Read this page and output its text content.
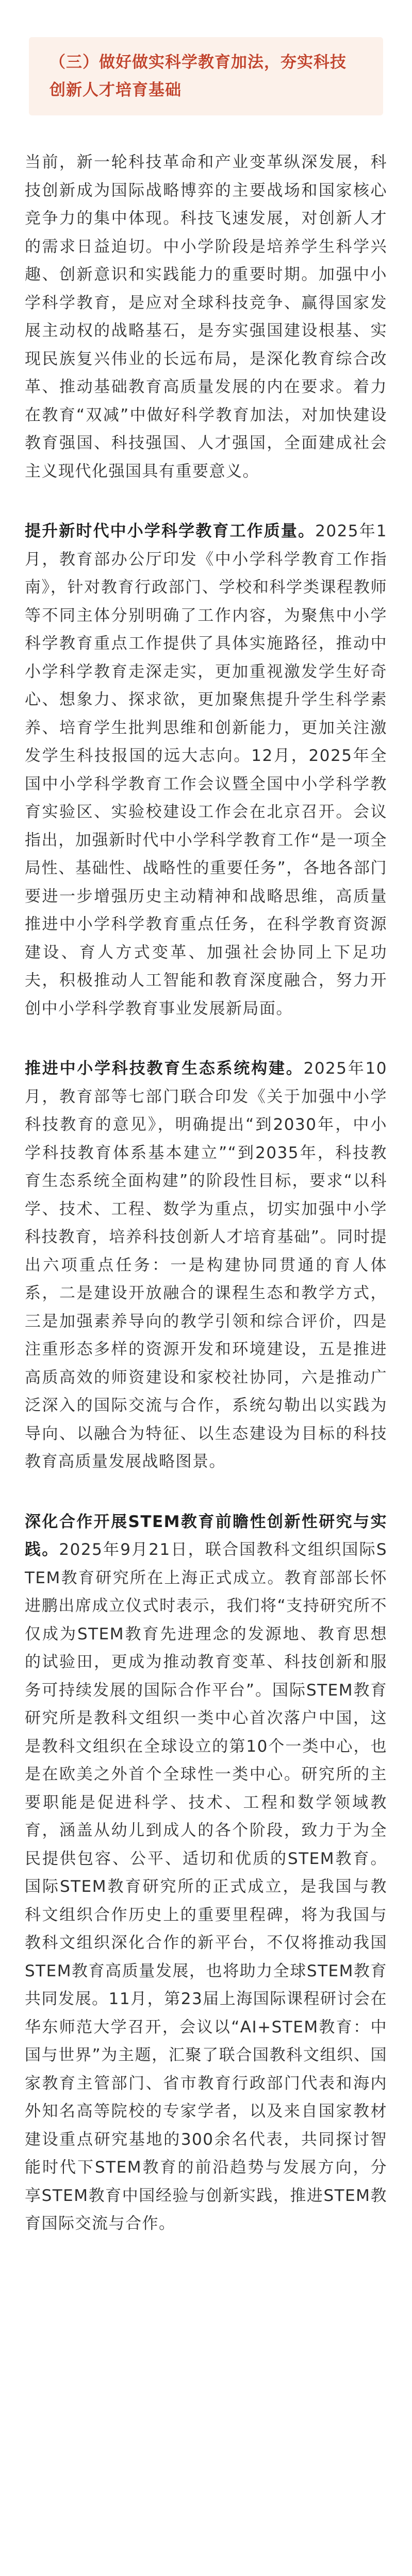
（三）做好做实科学教育加法，夯实科技创新人才培育基础

当前，新一轮科技革命和产业变革纵深发展，科技创新成为国际战略博弈的主要战场和国家核心竞争力的集中体现。科技飞速发展，对创新人才的需求日益迫切。中小学阶段是培养学生科学兴趣、创新意识和实践能力的重要时期。加强中小学科学教育，是应对全球科技竞争、赢得国家发展主动权的战略基石，是夯实强国建设根基、实现民族复兴伟业的长远布局，是深化教育综合改革、推动基础教育高质量发展的内在要求。着力在教育“双减”中做好科学教育加法，对加快建设教育强国、科技强国、人才强国，全面建成社会主义现代化强国具有重要意义。

提升新时代中小学科学教育工作质量。2025年1月，教育部办公厅印发《中小学科学教育工作指南》，针对教育行政部门、学校和科学类课程教师等不同主体分别明确了工作内容，为聚焦中小学科学教育重点工作提供了具体实施路径，推动中小学科学教育走深走实，更加重视激发学生好奇心、想象力、探求欲，更加聚焦提升学生科学素养、培育学生批判思维和创新能力，更加关注激发学生科技报国的远大志向。12月，2025年全国中小学科学教育工作会议暨全国中小学科学教育实验区、实验校建设工作会在北京召开。会议指出，加强新时代中小学科学教育工作“是一项全局性、基础性、战略性的重要任务”，各地各部门要进一步增强历史主动精神和战略思维，高质量推进中小学科学教育重点任务，在科学教育资源建设、育人方式变革、加强社会协同上下足功夫，积极推动人工智能和教育深度融合，努力开创中小学科学教育事业发展新局面。

推进中小学科技教育生态系统构建。2025年10月，教育部等七部门联合印发《关于加强中小学科技教育的意见》，明确提出“到2030年，中小学科技教育体系基本建立”“到2035年，科技教育生态系统全面构建”的阶段性目标，要求“以科学、技术、工程、数学为重点，切实加强中小学科技教育，培养科技创新人才培育基础”。同时提出六项重点任务：一是构建协同贯通的育人体系，二是建设开放融合的课程生态和教学方式，三是加强素养导向的教学引领和综合评价，四是注重形态多样的资源开发和环境建设，五是推进高质高效的师资建设和家校社协同，六是推动广泛深入的国际交流与合作，系统勾勒出以实践为导向、以融合为特征、以生态建设为目标的科技教育高质量发展战略图景。

深化合作开展STEM教育前瞻性创新性研究与实践。2025年9月21日，联合国教科文组织国际STEM教育研究所在上海正式成立。教育部部长怀进鹏出席成立仪式时表示，我们将“支持研究所不仅成为STEM教育先进理念的发源地、教育思想的试验田，更成为推动教育变革、科技创新和服务可持续发展的国际合作平台”。国际STEM教育研究所是教科文组织一类中心首次落户中国，这是教科文组织在全球设立的第10个一类中心，也是在欧美之外首个全球性一类中心。研究所的主要职能是促进科学、技术、工程和数学领域教育，涵盖从幼儿到成人的各个阶段，致力于为全民提供包容、公平、适切和优质的STEM教育。国际STEM教育研究所的正式成立，是我国与教科文组织合作历史上的重要里程碑，将为我国与教科文组织深化合作的新平台，不仅将推动我国STEM教育高质量发展，也将助力全球STEM教育共同发展。11月，第23届上海国际课程研讨会在华东师范大学召开，会议以“AI+STEM教育：中国与世界”为主题，汇聚了联合国教科文组织、国家教育主管部门、省市教育行政部门代表和海内外知名高等院校的专家学者，以及来自国家教材建设重点研究基地的300余名代表，共同探讨智能时代下STEM教育的前沿趋势与发展方向，分享STEM教育中国经验与创新实践，推进STEM教育国际交流与合作。
